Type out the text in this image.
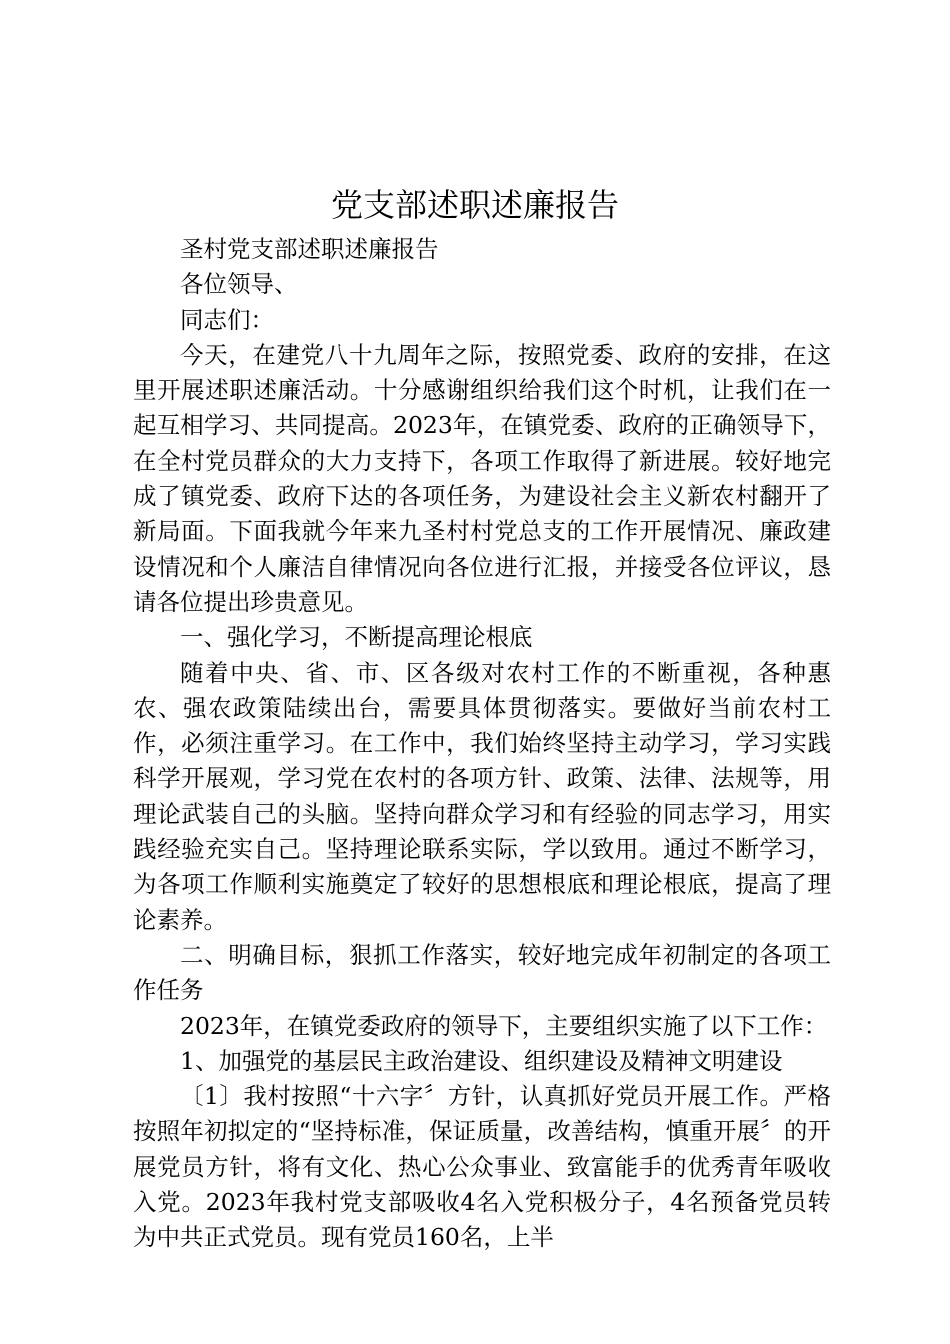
党支部述职述廉报告

圣村党支部述职述廉报告

各位领导、

同志们：

今天，在建党八十九周年之际，按照党委、政府的安排，在这里开展述职述廉活动。十分感谢组织给我们这个时机，让我们在一起互相学习、共同提高。2023年，在镇党委、政府的正确领导下，在全村党员群众的大力支持下，各项工作取得了新进展。较好地完成了镇党委、政府下达的各项任务，为建设社会主义新农村翻开了新局面。下面我就今年来九圣村村党总支的工作开展情况、廉政建设情况和个人廉洁自律情况向各位进行汇报，并接受各位评议，恳请各位提出珍贵意见。

一、强化学习，不断提高理论根底

随着中央、省、市、区各级对农村工作的不断重视，各种惠农、强农政策陆续出台，需要具体贯彻落实。要做好当前农村工作，必须注重学习。在工作中，我们始终坚持主动学习，学习实践科学开展观，学习党在农村的各项方针、政策、法律、法规等，用理论武装自己的头脑。坚持向群众学习和有经验的同志学习，用实践经验充实自己。坚持理论联系实际，学以致用。通过不断学习，为各项工作顺利实施奠定了较好的思想根底和理论根底，提高了理论素养。

二、明确目标，狠抓工作落实，较好地完成年初制定的各项工作任务

2023年，在镇党委政府的领导下，主要组织实施了以下工作：

1、加强党的基层民主政治建设、组织建设及精神文明建设

〔1〕我村按照“十六字〞方针，认真抓好党员开展工作。严格按照年初拟定的“坚持标准，保证质量，改善结构，慎重开展〞的开展党员方针，将有文化、热心公众事业、致富能手的优秀青年吸收入党。2023年我村党支部吸收4名入党积极分子，4名预备党员转为中共正式党员。现有党员160名，上半
